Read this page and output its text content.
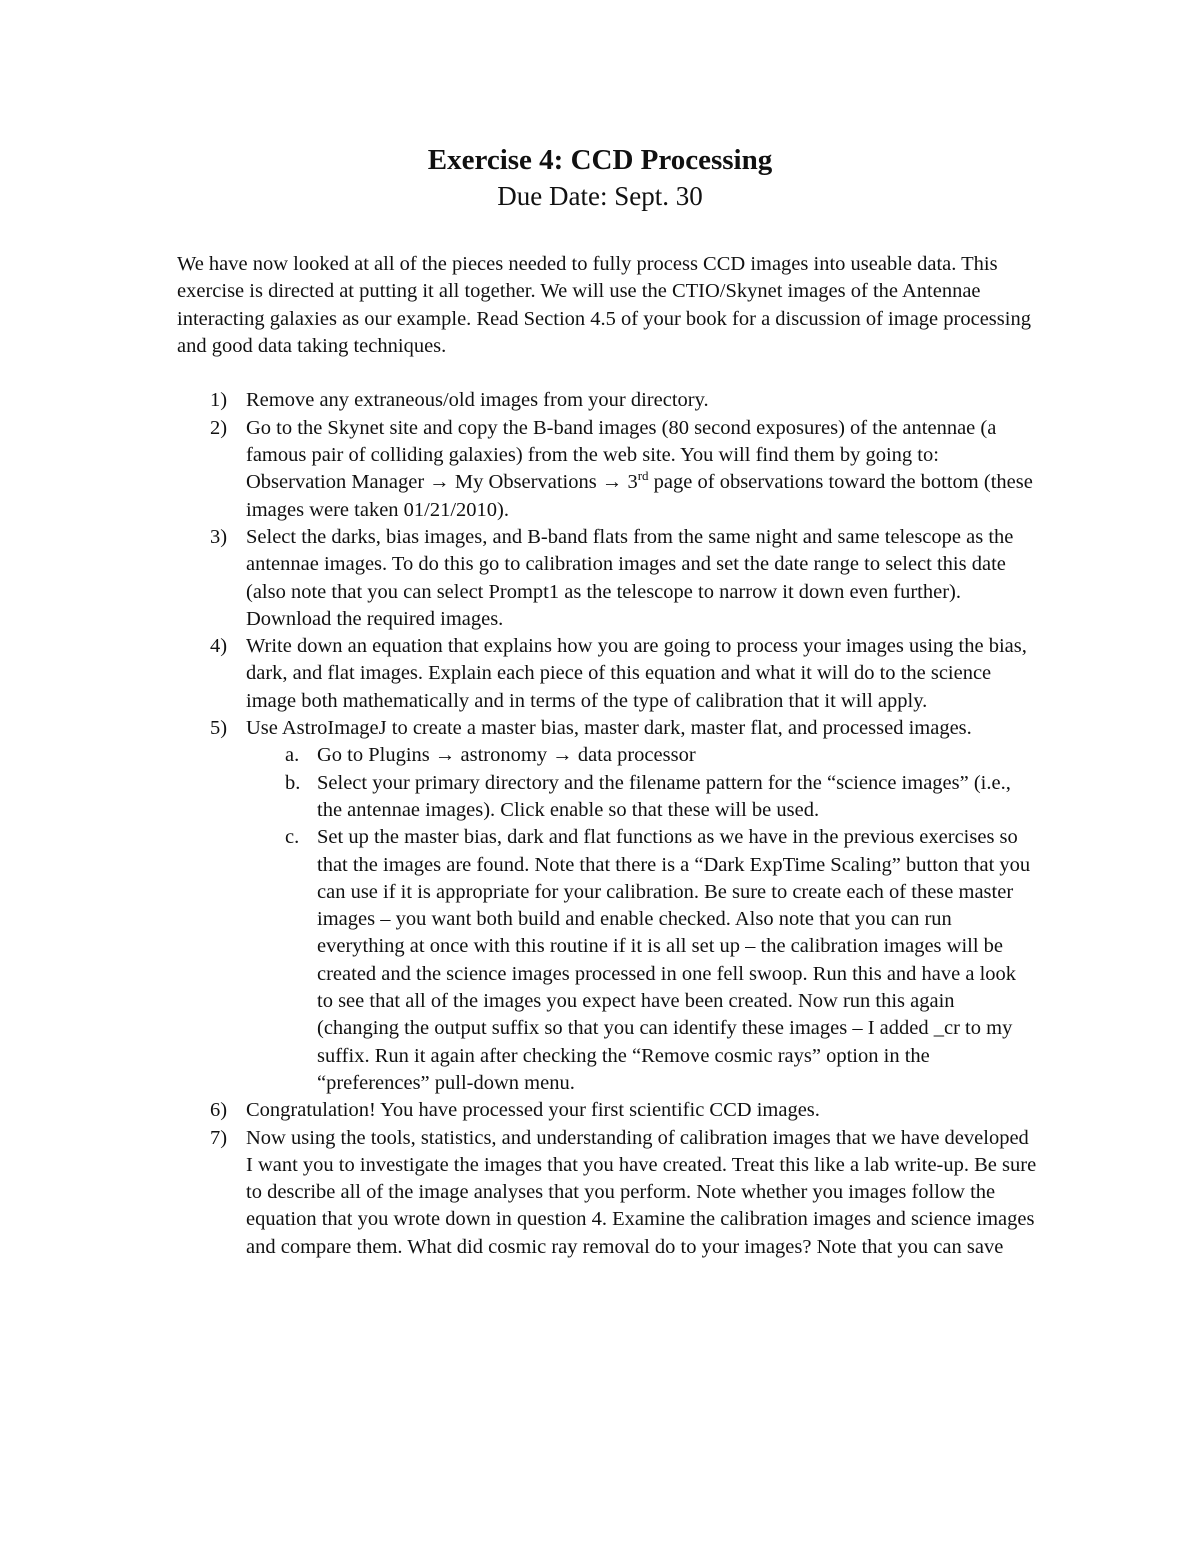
Exercise 4: CCD Processing
Due Date: Sept. 30

We have now looked at all of the pieces needed to fully process CCD images into useable data. This exercise is directed at putting it all together. We will use the CTIO/Skynet images of the Antennae interacting galaxies as our example. Read Section 4.5 of your book for a discussion of image processing and good data taking techniques.

1) Remove any extraneous/old images from your directory.
2) Go to the Skynet site and copy the B-band images (80 second exposures) of the antennae (a famous pair of colliding galaxies) from the web site. You will find them by going to: Observation Manager → My Observations → 3rd page of observations toward the bottom (these images were taken 01/21/2010).
3) Select the darks, bias images, and B-band flats from the same night and same telescope as the antennae images. To do this go to calibration images and set the date range to select this date (also note that you can select Prompt1 as the telescope to narrow it down even further). Download the required images.
4) Write down an equation that explains how you are going to process your images using the bias, dark, and flat images. Explain each piece of this equation and what it will do to the science image both mathematically and in terms of the type of calibration that it will apply.
5) Use AstroImageJ to create a master bias, master dark, master flat, and processed images.
a. Go to Plugins → astronomy → data processor
b. Select your primary directory and the filename pattern for the “science images” (i.e., the antennae images). Click enable so that these will be used.
c. Set up the master bias, dark and flat functions as we have in the previous exercises so that the images are found. Note that there is a “Dark ExpTime Scaling” button that you can use if it is appropriate for your calibration. Be sure to create each of these master images – you want both build and enable checked. Also note that you can run everything at once with this routine if it is all set up – the calibration images will be created and the science images processed in one fell swoop. Run this and have a look to see that all of the images you expect have been created. Now run this again (changing the output suffix so that you can identify these images – I added _cr to my suffix. Run it again after checking the “Remove cosmic rays” option in the “preferences” pull-down menu.
6) Congratulation! You have processed your first scientific CCD images.
7) Now using the tools, statistics, and understanding of calibration images that we have developed I want you to investigate the images that you have created. Treat this like a lab write-up. Be sure to describe all of the image analyses that you perform. Note whether you images follow the equation that you wrote down in question 4. Examine the calibration images and science images and compare them. What did cosmic ray removal do to your images? Note that you can save
